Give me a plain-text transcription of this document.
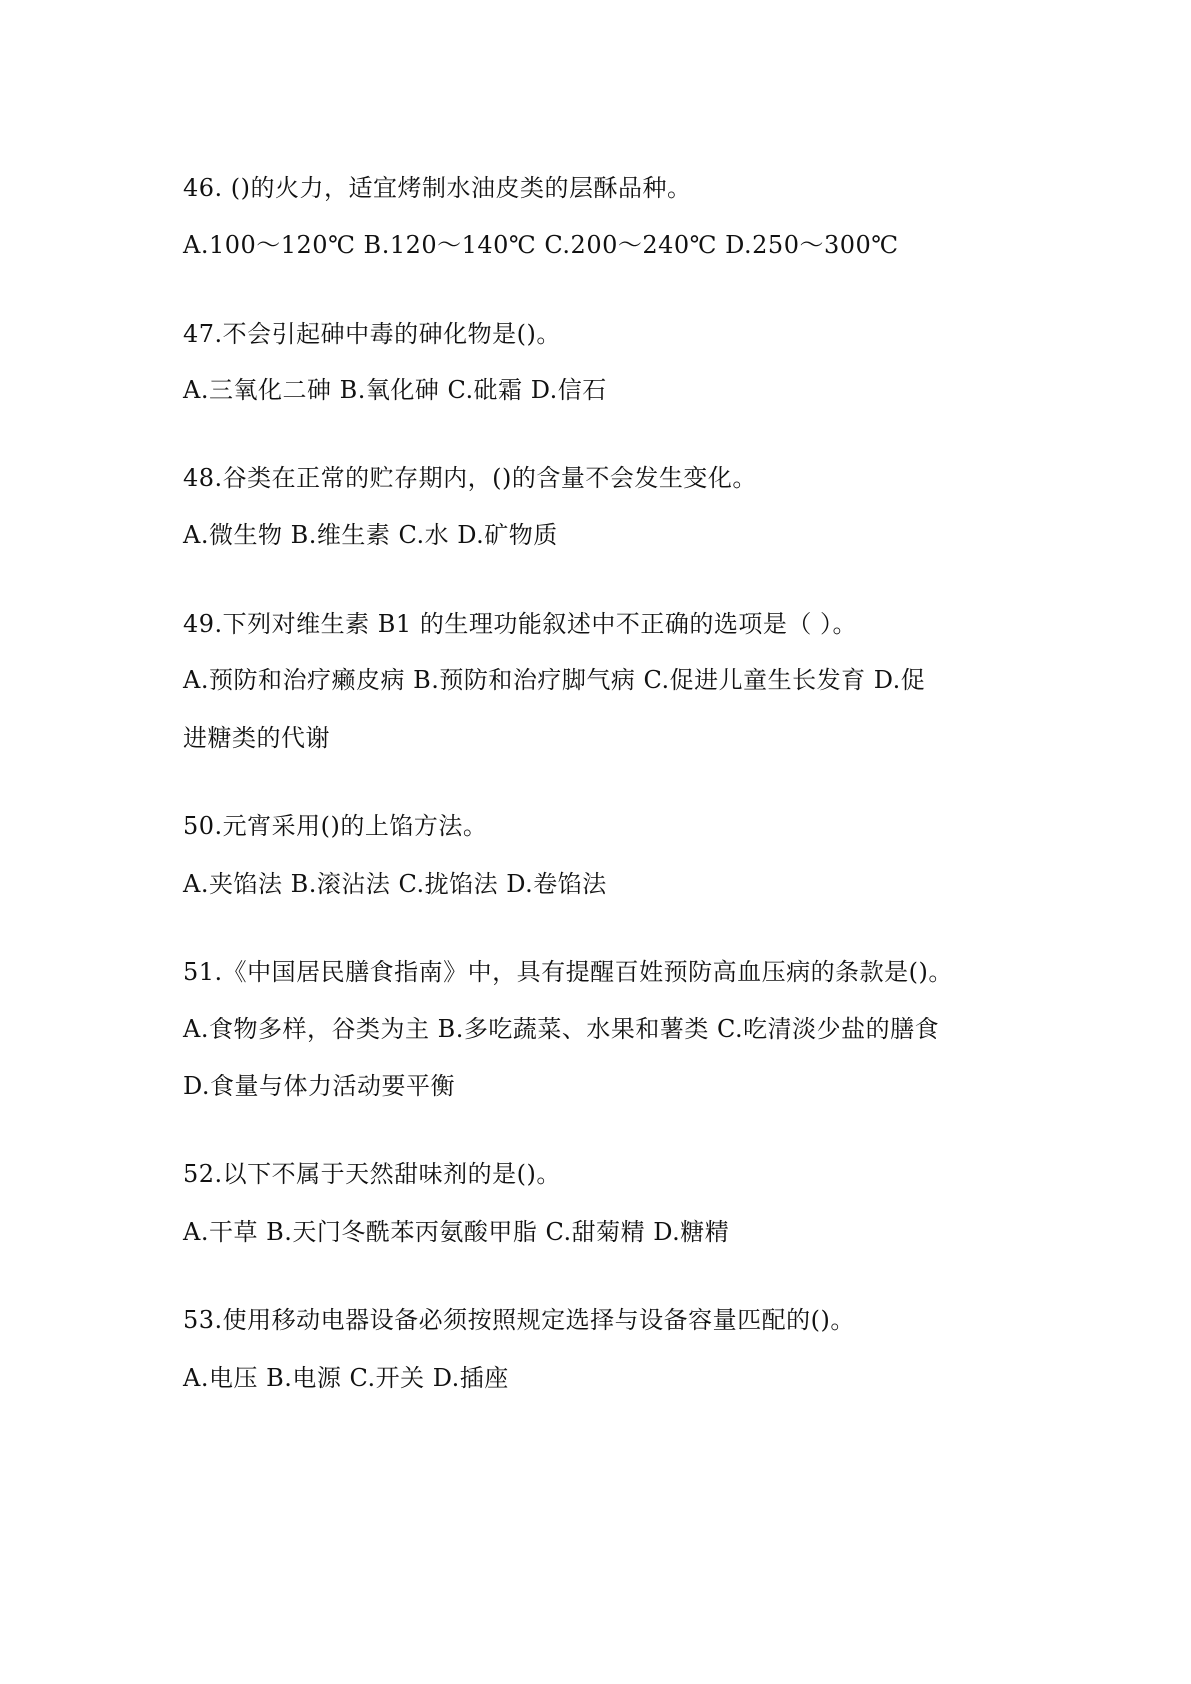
46. ()的火力，适宜烤制水油皮类的层酥品种。
A.100～120℃ B.120～140℃ C.200～240℃ D.250～300℃
47.不会引起砷中毒的砷化物是()。
A.三氧化二砷 B.氧化砷 C.砒霜 D.信石
48.谷类在正常的贮存期内，()的含量不会发生变化。
A.微生物 B.维生素 C.水 D.矿物质
49.下列对维生素 B1 的生理功能叙述中不正确的选项是（ ）。
A.预防和治疗癞皮病 B.预防和治疗脚气病 C.促进儿童生长发育 D.促
进糖类的代谢
50.元宵采用()的上馅方法。
A.夹馅法 B.滚沾法 C.拢馅法 D.卷馅法
51.《中国居民膳食指南》中，具有提醒百姓预防高血压病的条款是()。
A.食物多样，谷类为主 B.多吃蔬菜、水果和薯类 C.吃清淡少盐的膳食
D.食量与体力活动要平衡
52.以下不属于天然甜味剂的是()。
A.干草 B.天门冬酰苯丙氨酸甲脂 C.甜菊精 D.糖精
53.使用移动电器设备必须按照规定选择与设备容量匹配的()。
A.电压 B.电源 C.开关 D.插座
